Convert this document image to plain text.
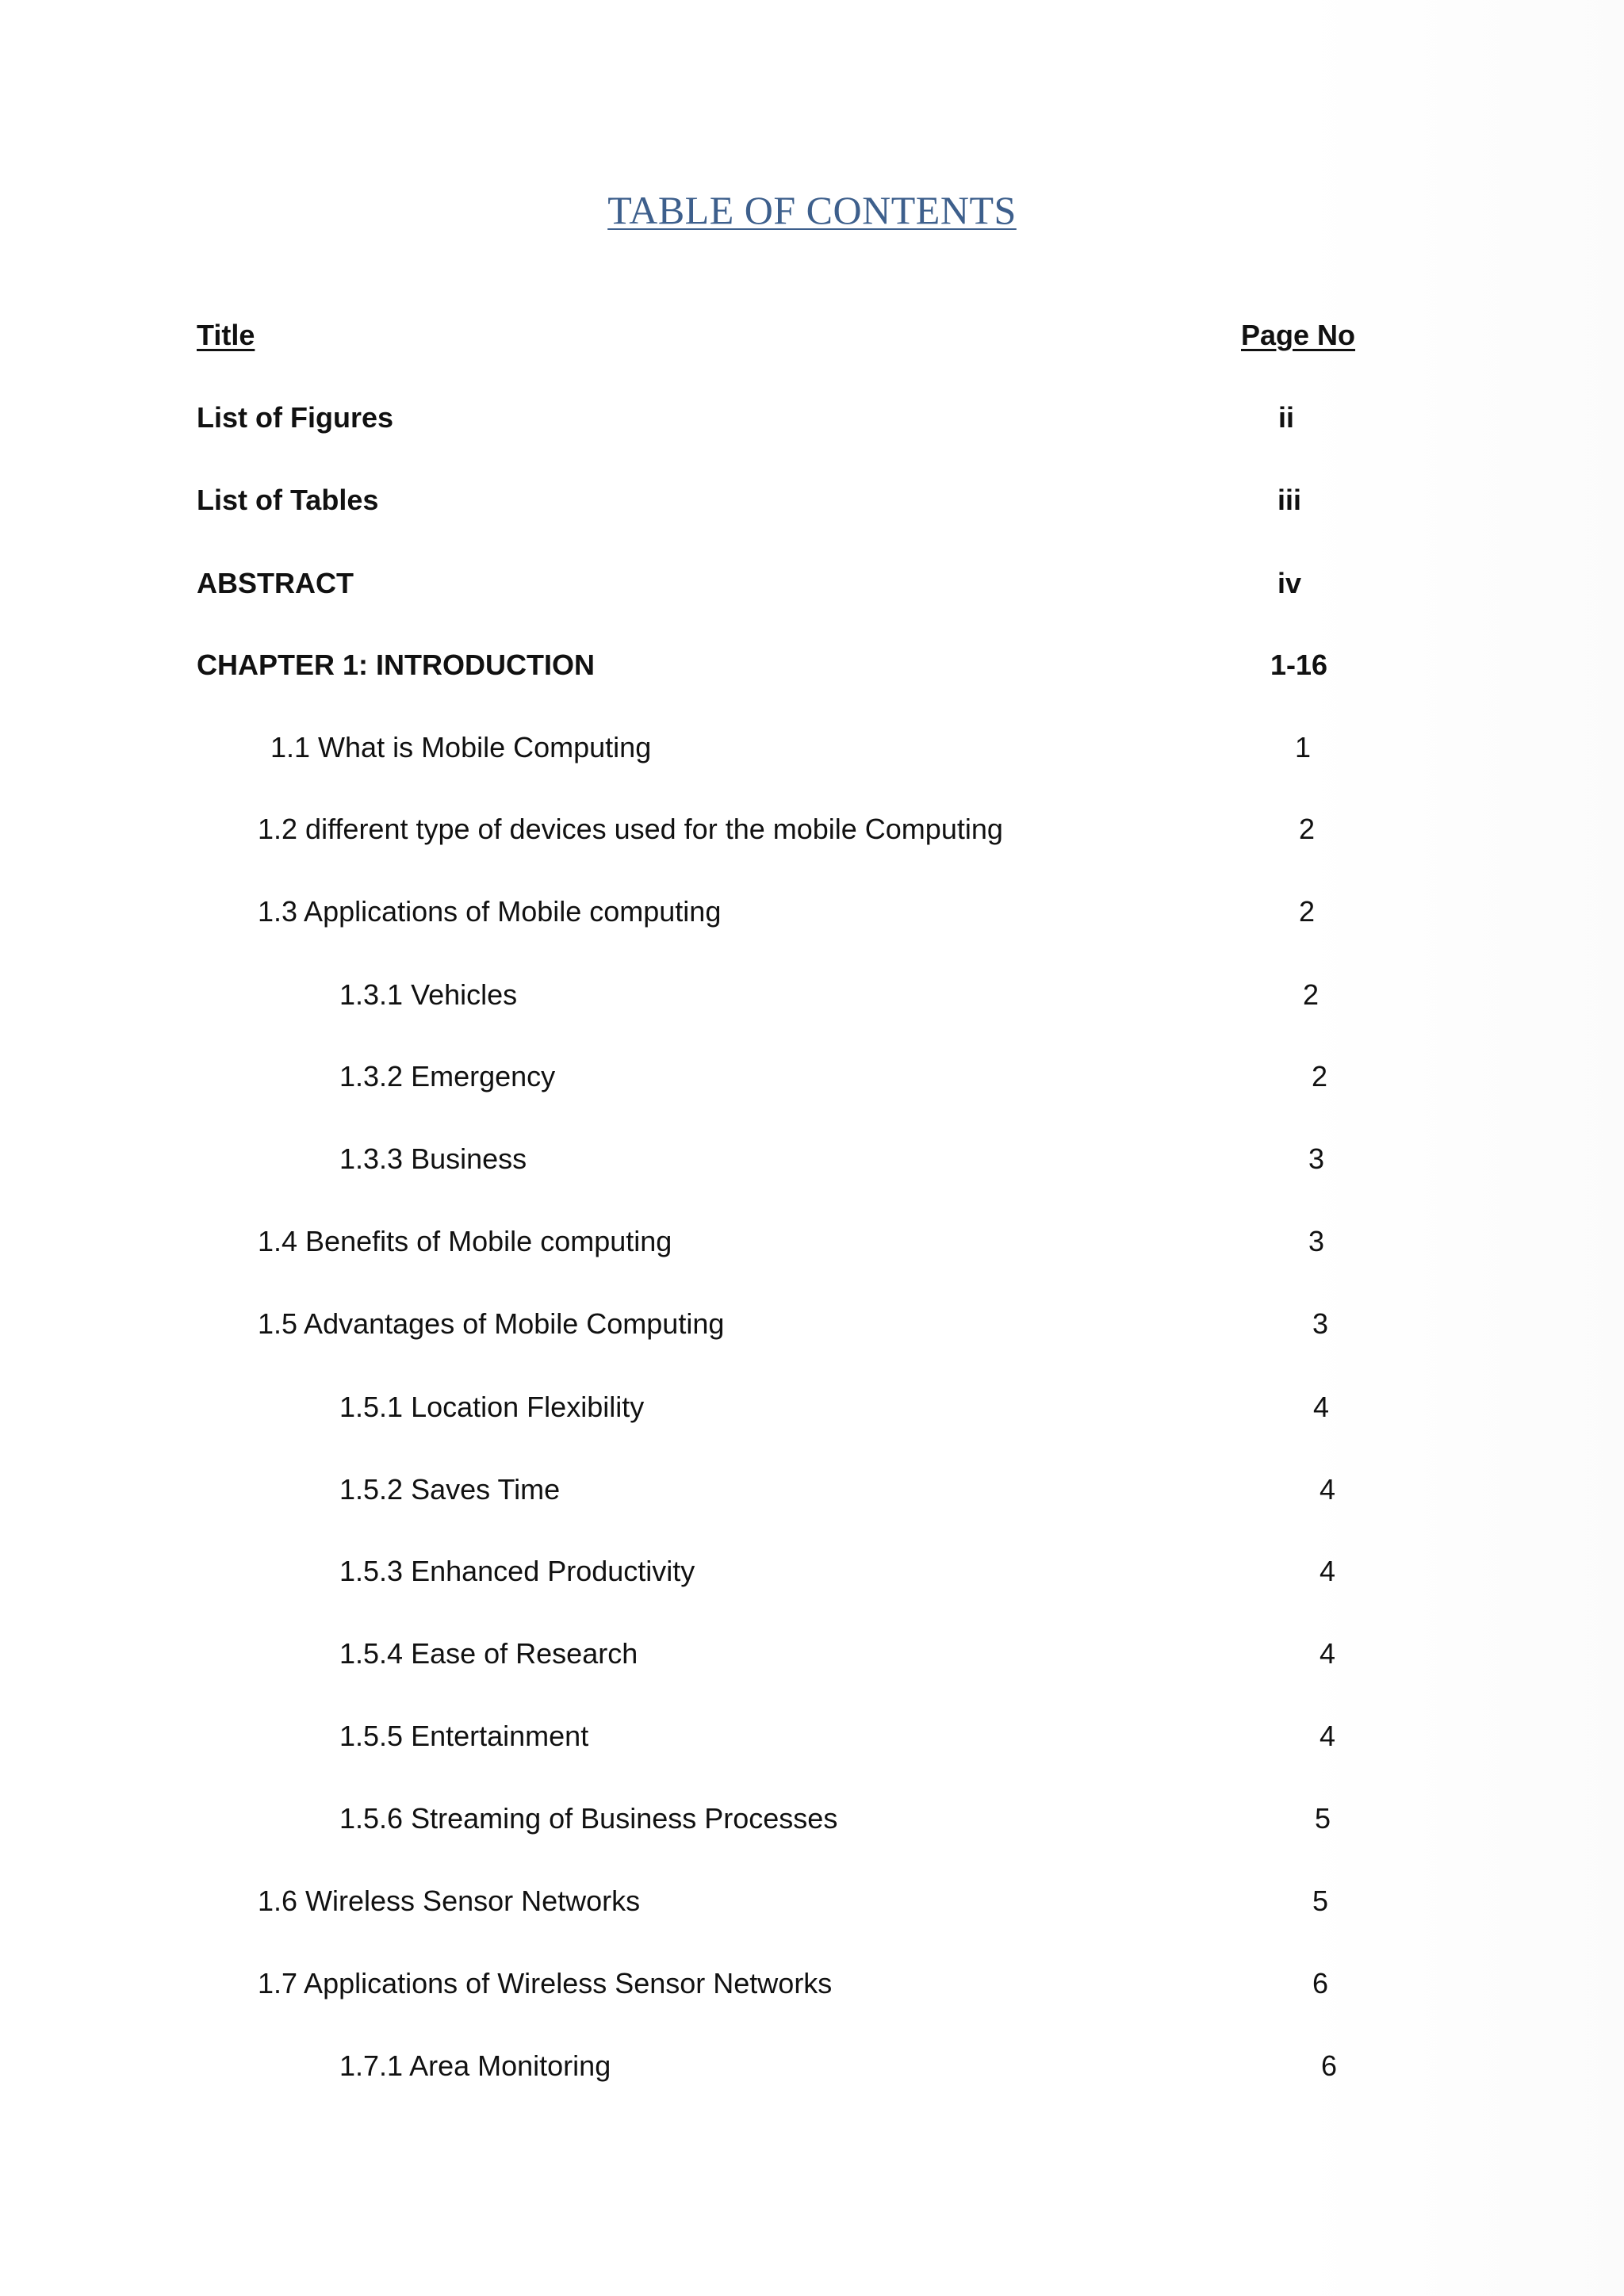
TABLE OF CONTENTS
Title	Page No
List of Figures	ii
List of Tables	iii
ABSTRACT	iv
CHAPTER 1: INTRODUCTION	1-16
1.1 What is Mobile Computing	1
1.2 different type of devices used for the mobile Computing	2
1.3 Applications of Mobile computing	2
1.3.1 Vehicles	2
1.3.2 Emergency	2
1.3.3 Business	3
1.4 Benefits of Mobile computing	3
1.5 Advantages of Mobile Computing	3
1.5.1 Location Flexibility	4
1.5.2 Saves Time	4
1.5.3 Enhanced Productivity	4
1.5.4 Ease of Research	4
1.5.5 Entertainment	4
1.5.6 Streaming of Business Processes	5
1.6 Wireless Sensor Networks	5
1.7 Applications of Wireless Sensor Networks	6
1.7.1 Area Monitoring	6
